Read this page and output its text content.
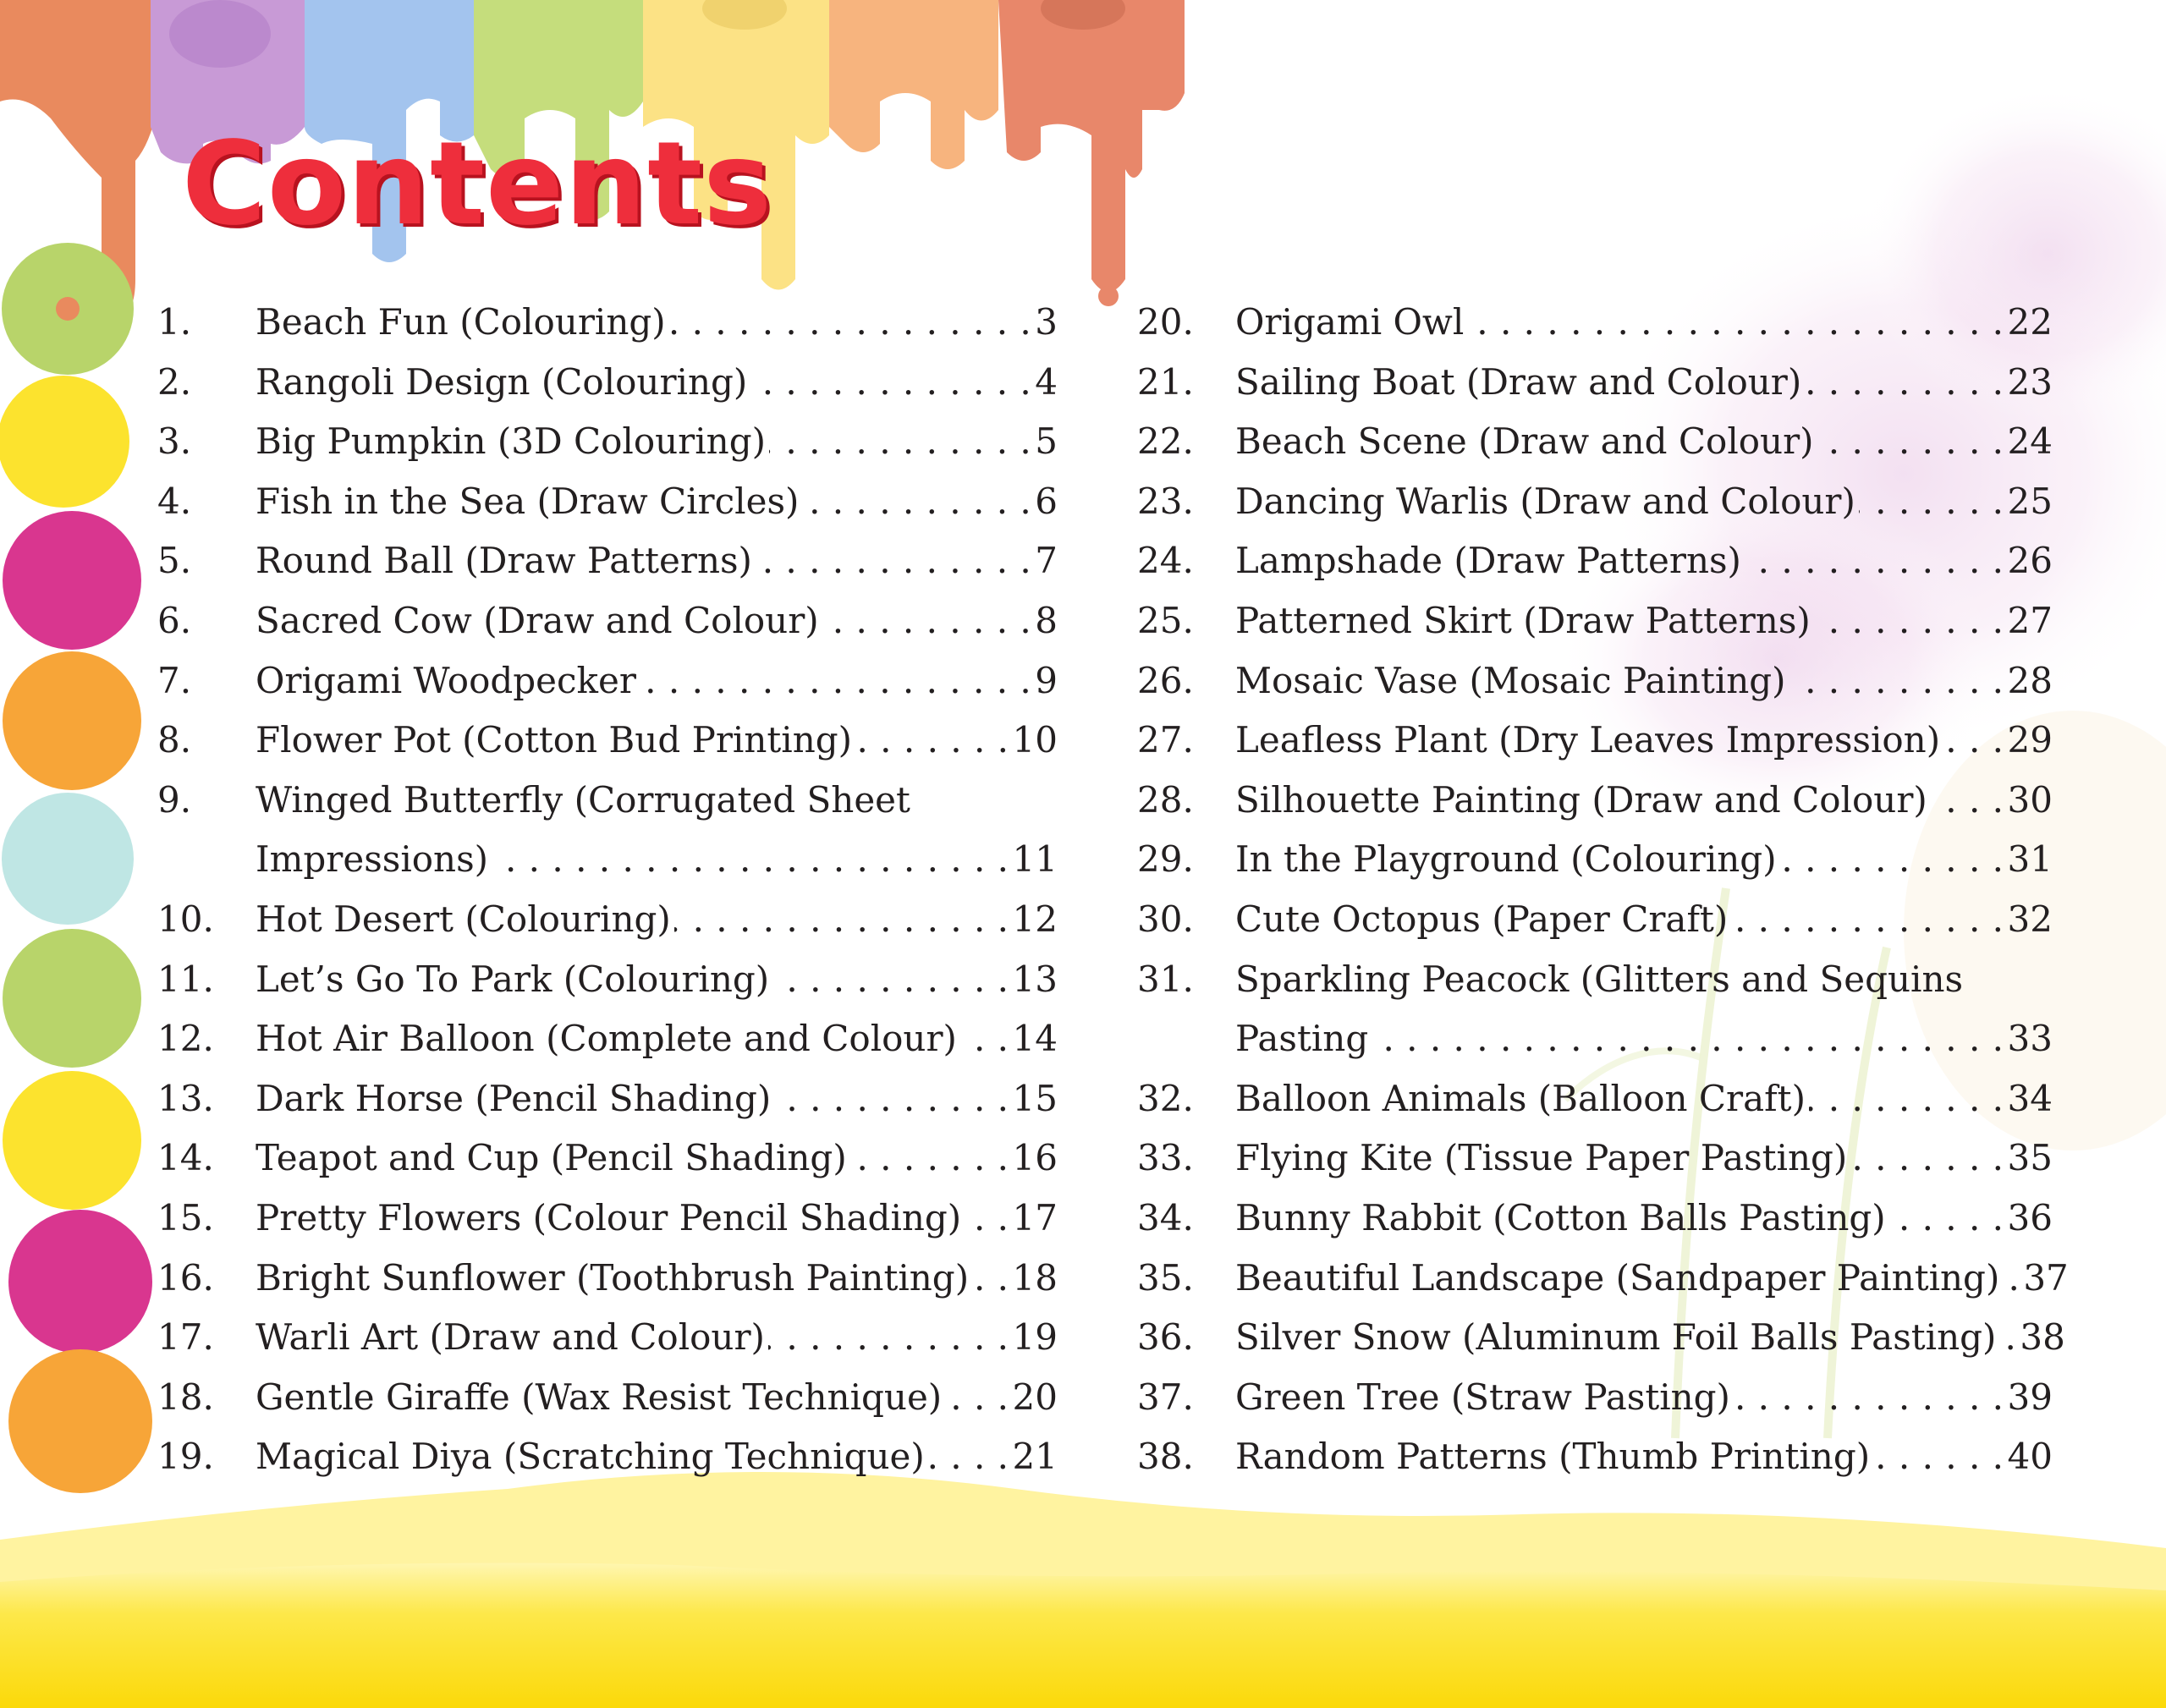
Contents
1. Beach Fun (Colouring) . . .	3
2. Rangoli Design (Colouring) . . .	4
3. Big Pumpkin (3D Colouring) . . .	5
4. Fish in the Sea (Draw Circles) . . .	6
5. Round Ball (Draw Patterns) . . .	7
6. Sacred Cow (Draw and Colour) . . .	8
7. Origami Woodpecker . . .	9
8. Flower Pot (Cotton Bud Printing) . . .	10
9. Winged Butterfly (Corrugated Sheet
Impressions) . . .	11
10. Hot Desert (Colouring) . . .	12
11. Let’s Go To Park (Colouring) . . .	13
12. Hot Air Balloon (Complete and Colour) . . . 14
13. Dark Horse (Pencil Shading) . . .	15
14. Teapot and Cup (Pencil Shading) . . .	16
15. Pretty Flowers (Colour Pencil Shading) . . . 17
16. Bright Sunflower (Toothbrush Painting) . . . 18
17. Warli Art (Draw and Colour) . . .	19
18. Gentle Giraffe (Wax Resist Technique) . . . 20
19. Magical Diya (Scratching Technique) . . . 21
20. Origami Owl . . .	22
21. Sailing Boat (Draw and Colour) . . .	23
22. Beach Scene (Draw and Colour) . . .	24
23. Dancing Warlis (Draw and Colour) . . .	25
24. Lampshade (Draw Patterns) . . .	26
25. Patterned Skirt (Draw Patterns) . . .	27
26. Mosaic Vase (Mosaic Painting) . . .	28
27. Leafless Plant (Dry Leaves Impression) . . . 29
28. Silhouette Painting (Draw and Colour) . . . 30
29. In the Playground (Colouring) . . .	31
30. Cute Octopus (Paper Craft) . . .	32
31. Sparkling Peacock (Glitters and Sequins
Pasting . . .	33
32. Balloon Animals (Balloon Craft) . . .	34
33. Flying Kite (Tissue Paper Pasting) . . .	35
34. Bunny Rabbit (Cotton Balls Pasting) . . .	36
35. Beautiful Landscape (Sandpaper Painting) . . . 37
36. Silver Snow (Aluminum Foil Balls Pasting) . . . 38
37. Green Tree (Straw Pasting) . . .	39
38. Random Patterns (Thumb Printing) . . .	40
